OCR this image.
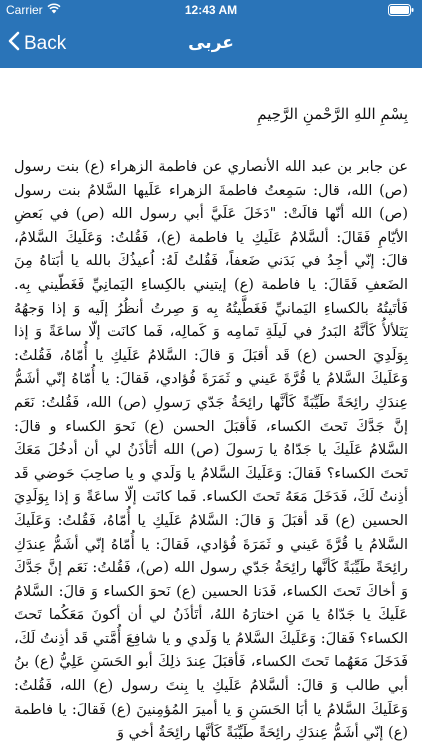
Carrier	12:43 AM
Back	عربی

بِسْمِ اللهِ الرَّحْمنِ الرَّحِيمِ

عن جابر بن عبد الله الأنصاري عن فاطمة الزهراء (ع) بنت رسول (ص) الله، قال: سَمِعتُ فاطمةَ الزهراء عَلَيها السَّلامُ بنت رسول (ص) الله أنّها قالَتْ: "دَخَلَ عَلَيَّ أبي رسول الله (ص) في بَعضِ الأيّامِ فَقَالَ: ألسَّلامُ عَلَيكِ يا فاطمة (ع)، فَقُلتُ: وَعَلَيكَ السَّلامُ، قالَ: إنّي أجِدُ في بَدَني ضَعفاً، فَقُلتُ لَهُ: اُعيذُكَ بالله يا أبَتاهُ مِنَ الضَعفِ فَقَالَ: يا فاطمة (ع) إيتيني بالكِساءِ اليَمانِيِّ فَغَطّيني بِه. فَأتَيتُهُ بالكساءِ اليَمانيِّ فَغَطَّيتُهُ بِه وَ صِرتُ أنظُرُ إلَيه وَ إذا وَجهُهُ يَتَلألأُ كَأنَّهُ البَدرُ في لَيلَةِ تَمامِه وَ كَمالِه، فَما كانَت إلّا ساعَةً وَ إذا بِوَلَدِيَ الحسن (ع) قَد أقبَلَ وَ قالَ: السَّلامُ عَلَيكِ يا أُمّاهُ، فَقُلتُ: وَعَلَيكَ السَّلامُ يا قُرَّةَ عَيني و ثَمَرَةَ فُؤادي، فَقالَ: يا أُمّاهُ إنّي أشَمُّ عِندَكِ رائِحَةً طَيِّبَةً كَأنَّها رائِحَةُ جَدّي رَسولِ (ص) الله، فَقُلتُ: نَعَم إنَّ جَدَّكَ تَحتَ الكساء، فَأقبَلَ الحسن (ع) نَحوَ الكساء و قالَ: السَّلامُ عَلَيكَ يا جَدّاهُ يا رَسولَ (ص) الله أتَأذَنُ لي أن أدخُلَ مَعَكَ تَحتَ الكساء؟ فَقالَ: وَعَلَيكَ السَّلامُ يا وَلَدي و يا صاحِبَ حَوضي قَد أذِنتُ لَكَ، فَدَخَلَ مَعَهُ تَحتَ الكساء. فَما كانَت إلّا ساعَةً وَ إذا بِوَلَدِيَ الحسين (ع) قَد أقبَلَ وَ قالَ: السَّلامُ عَلَيكِ يا أُمّاهُ، فَقُلتُ: وَعَلَيكَ السَّلامُ يا قُرَّةَ عَيني و ثَمَرَةَ فُؤادي، فَقالَ: يا أُمّاهُ إنّي أشَمُّ عِندَكِ رائِحَةً طَيِّبَةً كَأنَّها رائِحَةُ جَدّي رسول الله (ص)، فَقُلتُ: نَعَم إنَّ جَدَّكَ وَ أخاكَ تَحتَ الكساء، فَدَنا الحسين (ع) نَحوَ الكساء وَ قالَ: السَّلامُ عَلَيكَ يا جَدّاهُ يا مَنِ اختارَهُ اللهُ، أتَأذَنُ لي أن أكونَ مَعَكُما تَحتَ الكساء؟ فَقالَ: وَعَلَيكَ السَّلامُ يا وَلَدي و يا شافِعَ أُمَّتي قَد أذِنتُ لَكَ، فَدَخَلَ مَعَهُما تَحتَ الكساء، فَأقبَلَ عِندَ ذلِكَ أبو الحَسَنِ عَلِيُّ (ع) بنُ أبي طالب وَ قالَ: ألسَّلامُ عَلَيكِ يا بِنتَ رسول (ع) الله، فَقُلتُ: وَعَلَيكَ السَّلامُ يا أبَا الحَسَنِ وَ يا أميرَ المُؤمِنينَ (ع) فَقالَ: يا فاطمة (ع) إنّي أشَمُّ عِندَكِ رائِحَةً طَيِّبَةً كَأنَّها رائِحَةُ أخي وَ
